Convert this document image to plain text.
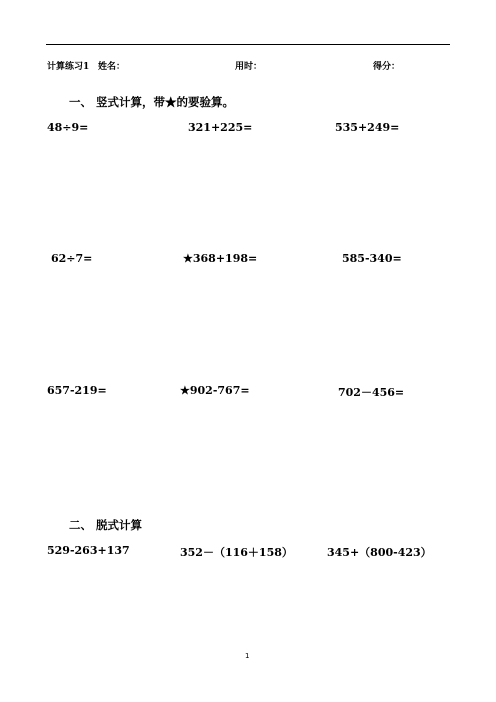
计算练习1 姓名：	用时：	得分：
一、 竖式计算，带★的要验算。
48÷9=	321+225=	535+249=
62÷7=	★368+198=	585-340=
657-219=	★902-767=	702－456=
二、 脱式计算
529-263+137	352－（116＋158）	345+（800-423）
1
